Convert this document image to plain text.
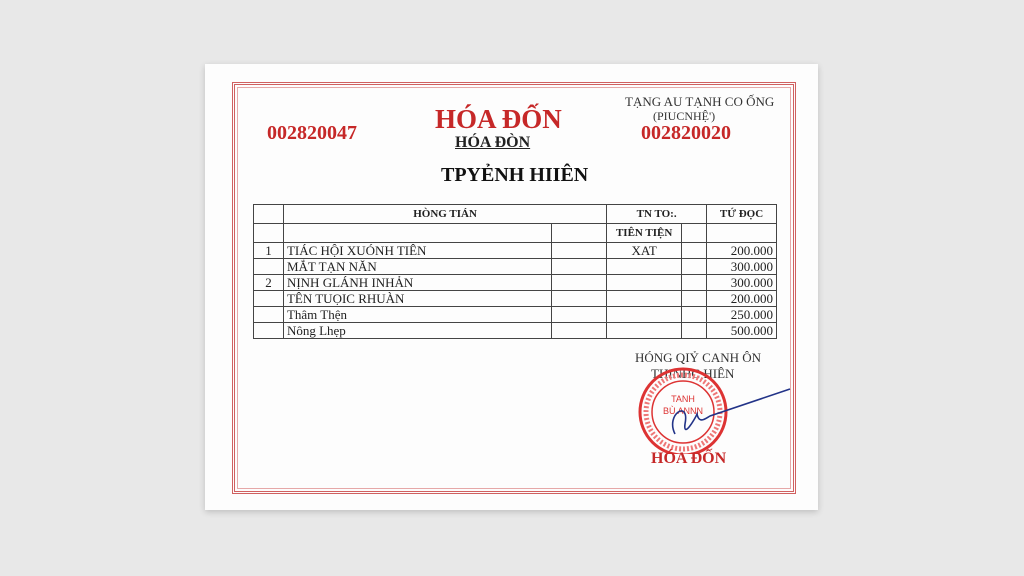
002820047	HÓA ĐỐN
HÓA ĐÒN
TPYẺNH HIIÊN
TẠNG AU TẠNH CO ỐNG
(PIUCNHỆ')
002820020
	HÒNG TIÁN		TN TO:.		TỨ ĐỌC
			TIÊN TIỆN		
1	TIÁC HỘI XUÓNH TIÊN		XAT		200.000
	MẮT TẠN NĂN				300.000
2	NỊNH GLÁNH INHẢN				300.000
	TÊN TUỌIC RHUÀN				200.000
	Thâm Thện				250.000
	Nông Lhẹp				500.000
HÓNG QIỶ CANH ÔN
THINHC HIÊN
TANH
BÙ ANNN
HÓA ĐỐN
